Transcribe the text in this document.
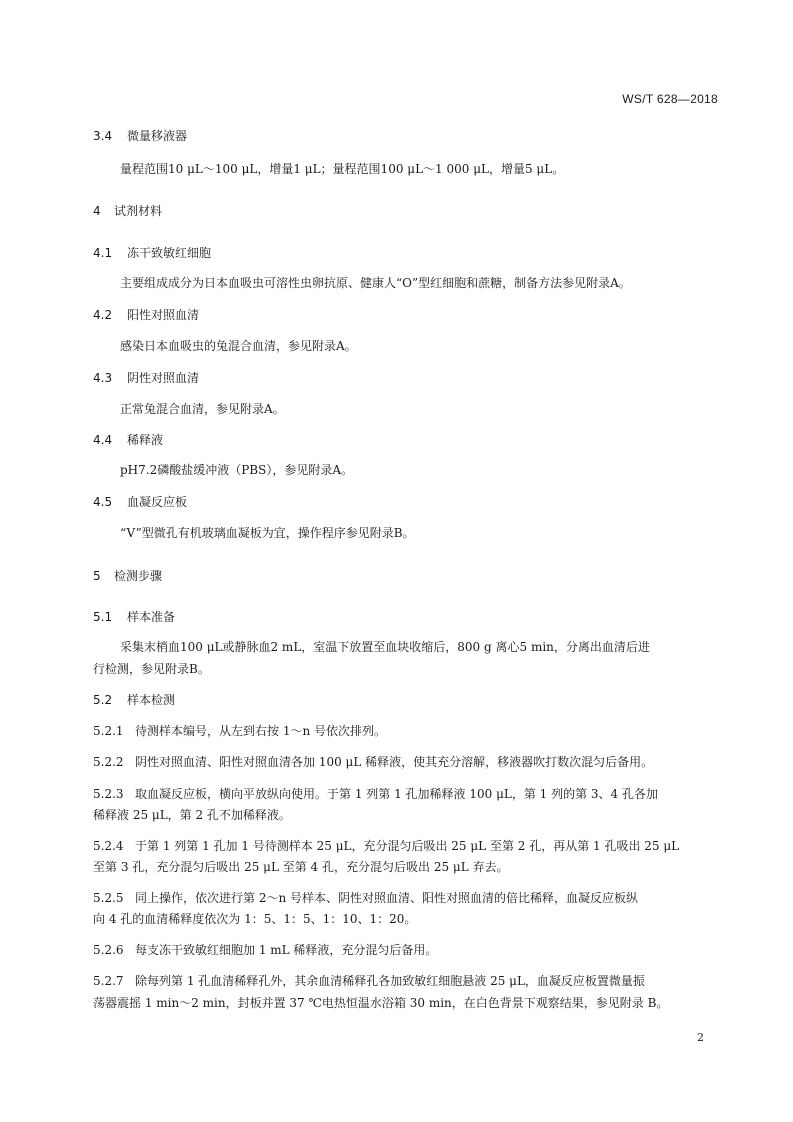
WS/T 628—2018
3.4 微量移液器
量程范围10 μL～100 μL，增量1 μL；量程范围100 μL～1 000 μL，增量5 μL。
4 试剂材料
4.1 冻干致敏红细胞
主要组成成分为日本血吸虫可溶性虫卵抗原、健康人“O”型红细胞和蔗糖，制备方法参见附录A。
4.2 阳性对照血清
感染日本血吸虫的兔混合血清，参见附录A。
4.3 阴性对照血清
正常兔混合血清，参见附录A。
4.4 稀释液
pH7.2磷酸盐缓冲液（PBS），参见附录A。
4.5 血凝反应板
“V”型微孔有机玻璃血凝板为宜，操作程序参见附录B。
5 检测步骤
5.1 样本准备
采集末梢血100 μL或静脉血2 mL，室温下放置至血块收缩后，800 g 离心5 min，分离出血清后进
行检测，参见附录B。
5.2 样本检测
5.2.1 待测样本编号，从左到右按 1～n 号依次排列。
5.2.2 阴性对照血清、阳性对照血清各加 100 μL 稀释液，使其充分溶解，移液器吹打数次混匀后备用。
5.2.3 取血凝反应板，横向平放纵向使用。于第 1 列第 1 孔加稀释液 100 μL，第 1 列的第 3、4 孔各加
稀释液 25 μL，第 2 孔不加稀释液。
5.2.4 于第 1 列第 1 孔加 1 号待测样本 25 μL，充分混匀后吸出 25 μL 至第 2 孔，再从第 1 孔吸出 25 μL
至第 3 孔，充分混匀后吸出 25 μL 至第 4 孔，充分混匀后吸出 25 μL 弃去。
5.2.5 同上操作，依次进行第 2～n 号样本、阴性对照血清、阳性对照血清的倍比稀释，血凝反应板纵
向 4 孔的血清稀释度依次为 1：5、1：5、1：10、1：20。
5.2.6 每支冻干致敏红细胞加 1 mL 稀释液，充分混匀后备用。
5.2.7 除每列第 1 孔血清稀释孔外，其余血清稀释孔各加致敏红细胞悬液 25 μL，血凝反应板置微量振
荡器震摇 1 min～2 min，封板并置 37 ℃电热恒温水浴箱 30 min，在白色背景下观察结果，参见附录 B。
2
